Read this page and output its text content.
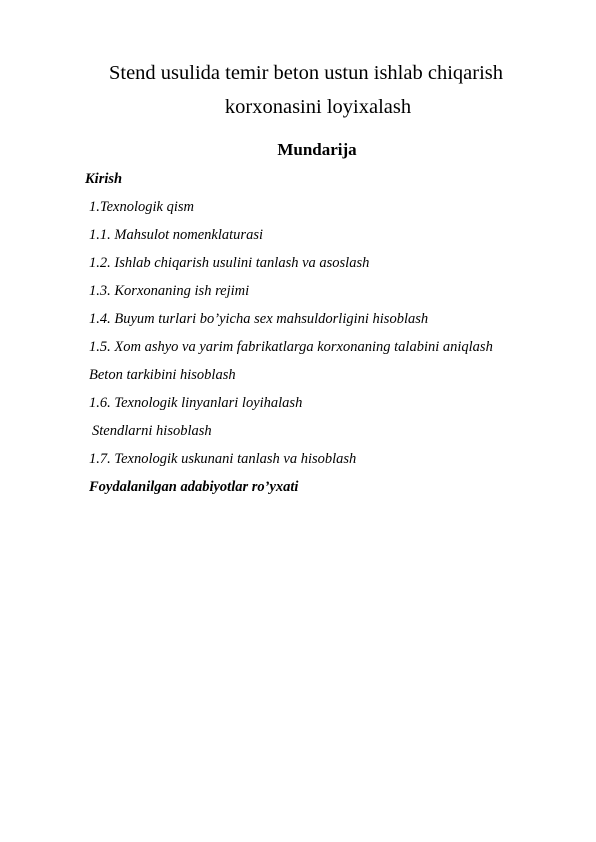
Stend usulida temir beton ustun ishlab chiqarish
korxonasini loyixalash
Mundarija
Kirish
1.Texnologik qism
1.1. Mahsulot nomenklaturasi
1.2. Ishlab chiqarish usulini tanlash va asoslash
1.3. Korxonaning ish rejimi
1.4. Buyum turlari bo’yicha sex mahsuldorligini hisoblash
1.5. Xom ashyo va yarim fabrikatlarga korxonaning talabini aniqlash
Beton tarkibini hisoblash
1.6. Texnologik linyanlari loyihalash
Stendlarni hisoblash
1.7. Texnologik uskunani tanlash va hisoblash
Foydalanilgan adabiyotlar ro’yxati
